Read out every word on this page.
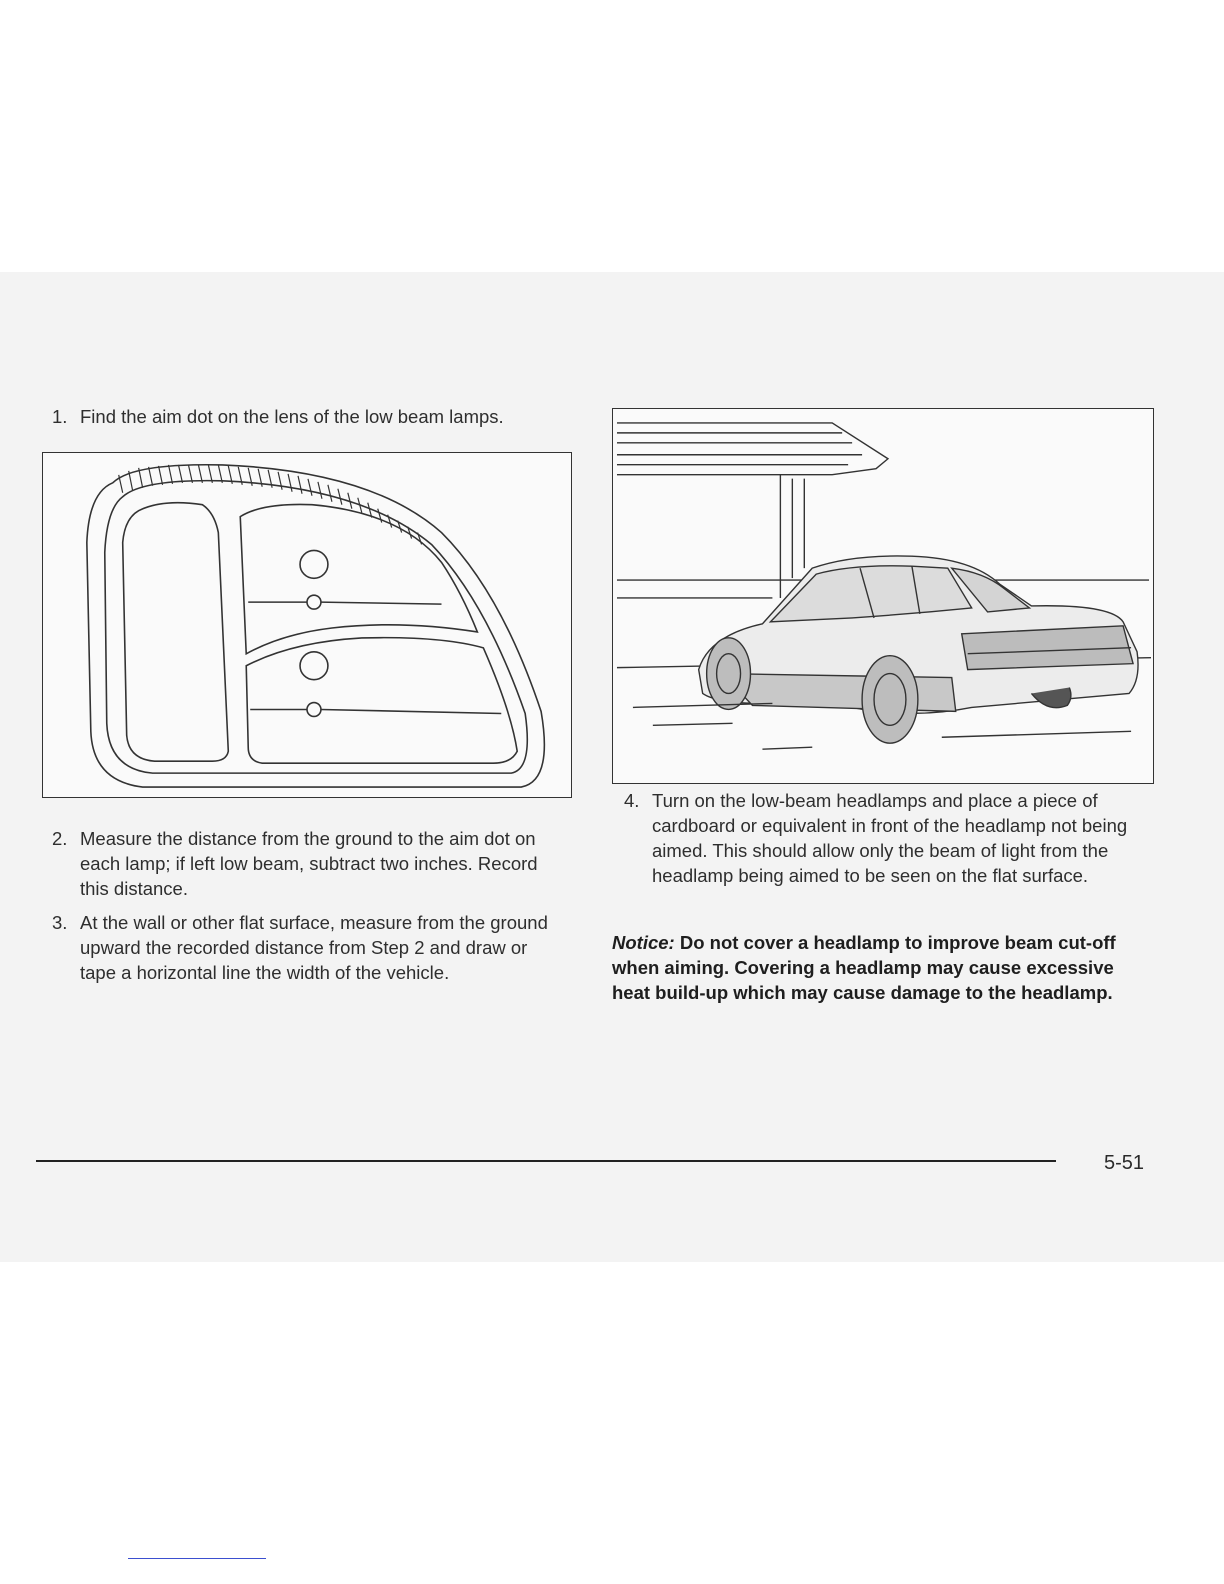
1. Find the aim dot on the lens of the low beam lamps.
2. Measure the distance from the ground to the aim dot on each lamp; if left low beam, subtract two inches. Record this distance.
3. At the wall or other flat surface, measure from the ground upward the recorded distance from Step 2 and draw or tape a horizontal line the width of the vehicle.
4. Turn on the low-beam headlamps and place a piece of cardboard or equivalent in front of the headlamp not being aimed. This should allow only the beam of light from the headlamp being aimed to be seen on the flat surface.
Notice: Do not cover a headlamp to improve beam cut-off when aiming. Covering a headlamp may cause excessive heat build-up which may cause damage to the headlamp.
5-51
